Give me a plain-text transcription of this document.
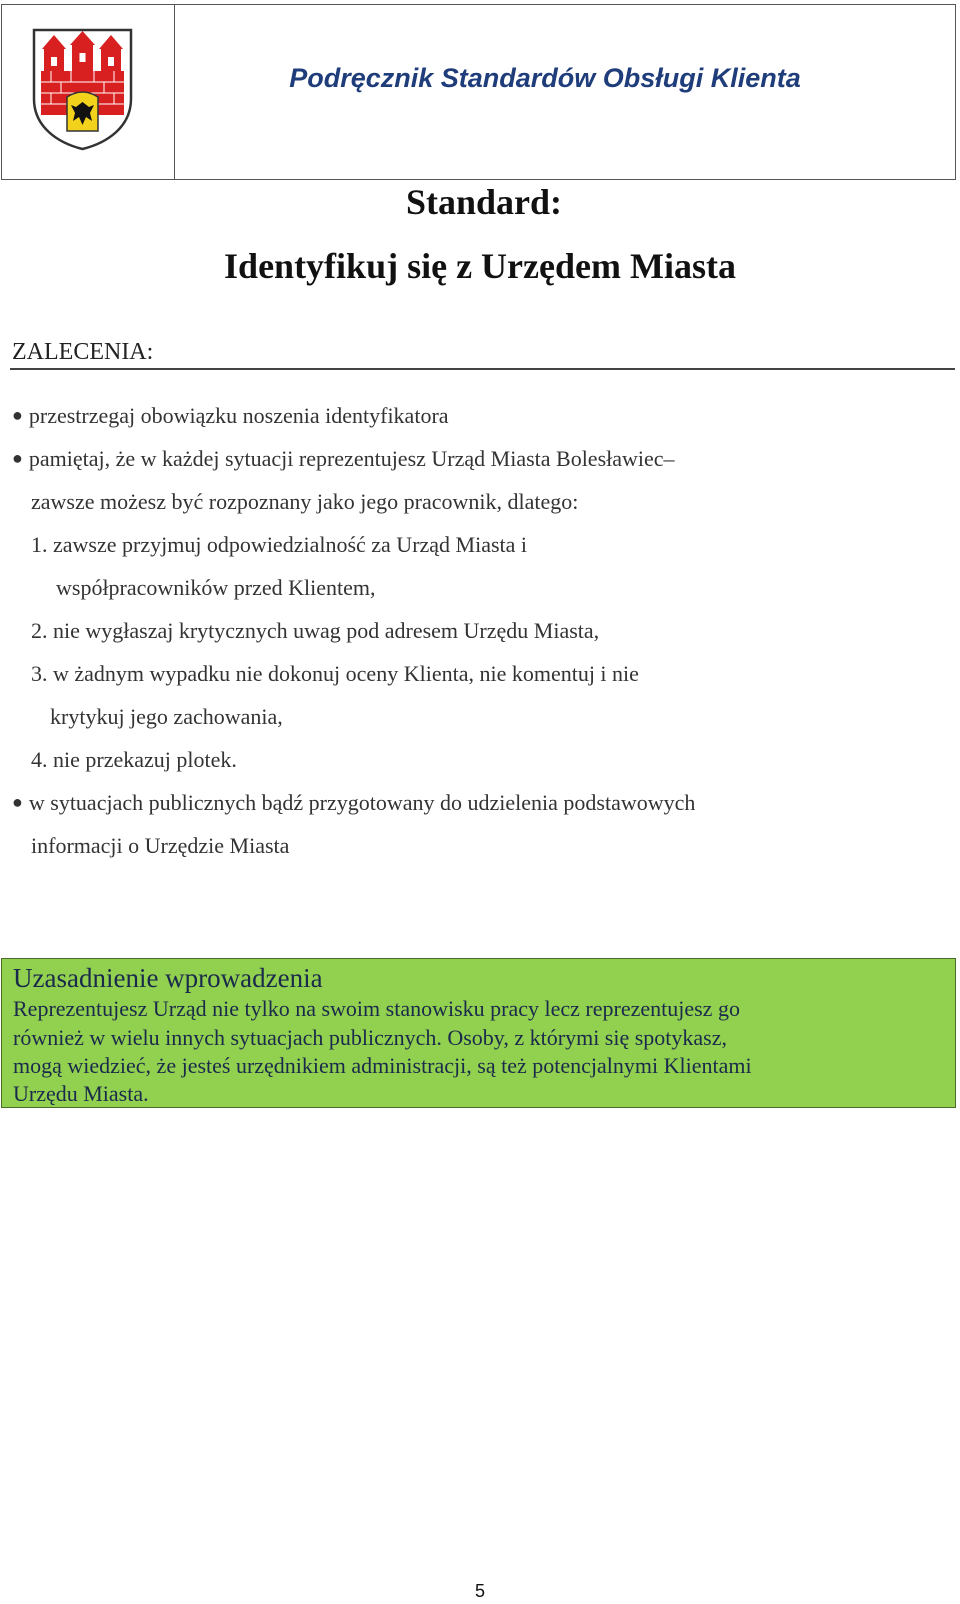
Podręcznik Standardów Obsługi Klienta
Standard:
Identyfikuj się z Urzędem Miasta
ZALECENIA:
● przestrzegaj obowiązku noszenia identyfikatora
● pamiętaj, że w każdej sytuacji reprezentujesz Urząd Miasta Bolesławiec–
zawsze możesz być rozpoznany jako jego pracownik, dlatego:
1. zawsze przyjmuj odpowiedzialność za Urząd Miasta i
współpracowników przed Klientem,
2. nie wygłaszaj krytycznych uwag pod adresem Urzędu Miasta,
3. w żadnym wypadku nie dokonuj oceny Klienta, nie komentuj i nie
krytykuj jego zachowania,
4. nie przekazuj plotek.
● w sytuacjach publicznych bądź przygotowany do udzielenia podstawowych
informacji o Urzędzie Miasta
Uzasadnienie wprowadzenia
Reprezentujesz Urząd nie tylko na swoim stanowisku pracy lecz reprezentujesz go
również w wielu innych sytuacjach publicznych. Osoby, z którymi się spotykasz,
mogą wiedzieć, że jesteś urzędnikiem administracji, są też potencjalnymi Klientami
Urzędu Miasta.
5
